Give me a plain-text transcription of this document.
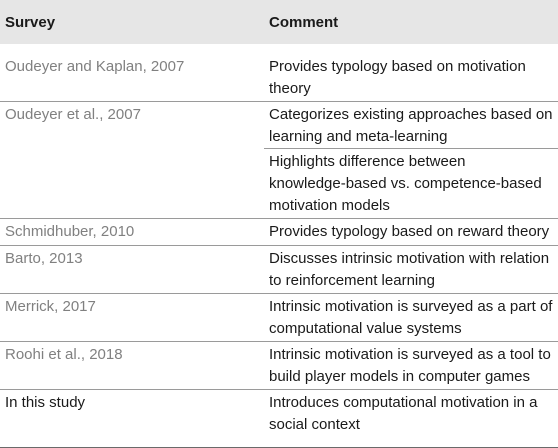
Survey	Comment
Oudeyer and Kaplan, 2007	Provides typology based on motivation
theory
Oudeyer et al., 2007	Categorizes existing approaches based on
learning and meta-learning
Highlights difference between
knowledge-based vs. competence-based
motivation models
Schmidhuber, 2010	Provides typology based on reward theory
Barto, 2013	Discusses intrinsic motivation with relation
to reinforcement learning
Merrick, 2017	Intrinsic motivation is surveyed as a part of
computational value systems
Roohi et al., 2018	Intrinsic motivation is surveyed as a tool to
build player models in computer games
In this study	Introduces computational motivation in a
social context
